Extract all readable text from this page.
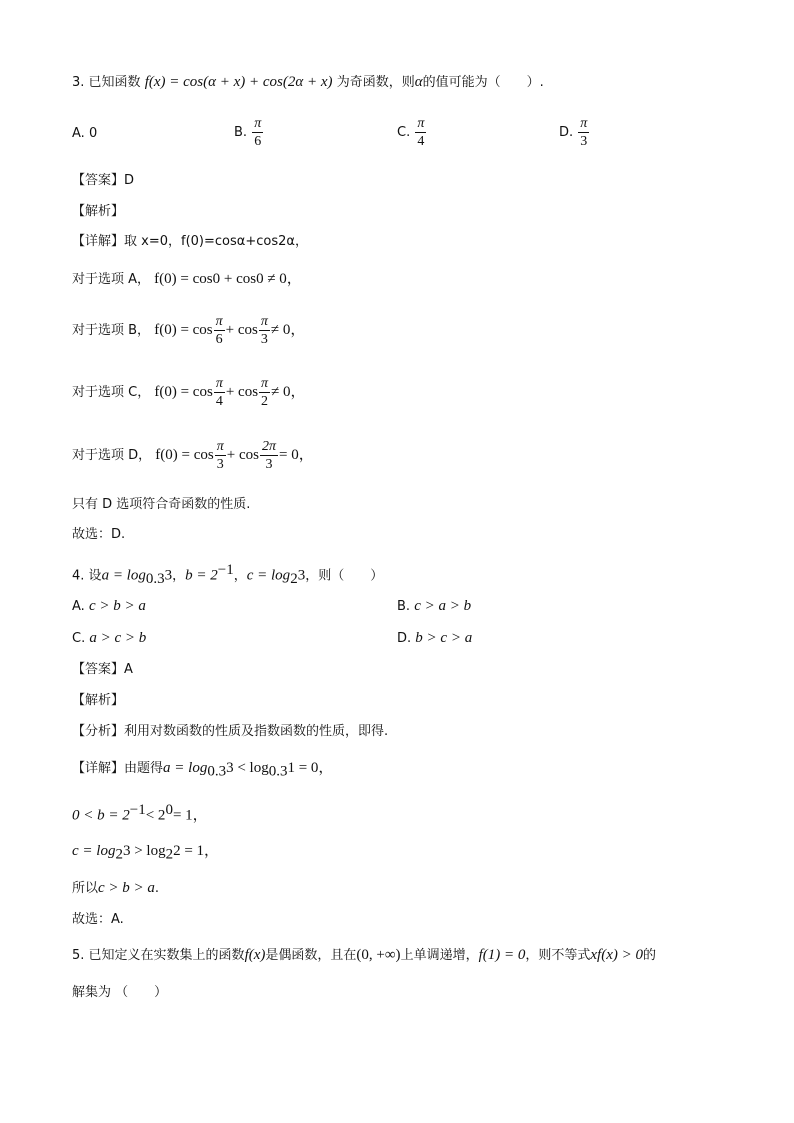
3. 已知函数 f(x) = cos(α + x) + cos(2α + x) 为奇函数，则α的值可能为（　　）.
A. 0	B. $\frac{\pi}{6}$	C. $\frac{\pi}{4}$	D. $\frac{\pi}{3}$
【答案】D
【解析】
【详解】取 x=0，f(0)=cosα+cos2α，
对于选项 A， f(0) = cos0 + cos0 ≠ 0，
对于选项 B， $f(0) = \cos \frac{\pi}{6} + \cos \frac{\pi}{3} \ne 0$，
对于选项 C， $f(0) = \cos \frac{\pi}{4} + \cos \frac{\pi}{2} \ne 0$，
对于选项 D， $f(0) = \cos \frac{\pi}{3} + \cos \frac{2\pi}{3} = 0$，
只有 D 选项符合奇函数的性质.
故选：D.
4. 设$a = \log_{0.3}3$，$b = 2^{-1}$，$c = \log_23$，则（　　）
A. c > b > a	B. c > a > b
C. a > c > b	D. b > c > a
【答案】A
【解析】
【分析】利用对数函数的性质及指数函数的性质，即得.
【详解】由题得$a = \log_{0.3}3 < \log_{0.3}1 = 0$，
$0 < b = 2^{-1}< 2^0= 1$，
$c = \log_23 > \log_22 = 1$，
所以c > b > a.
故选：A.
5. 已知定义在实数集上的函数f(x)是偶函数，且在(0, +∞)上单调递增，f(1) = 0，则不等式xf(x) > 0的
解集为 （　　）
